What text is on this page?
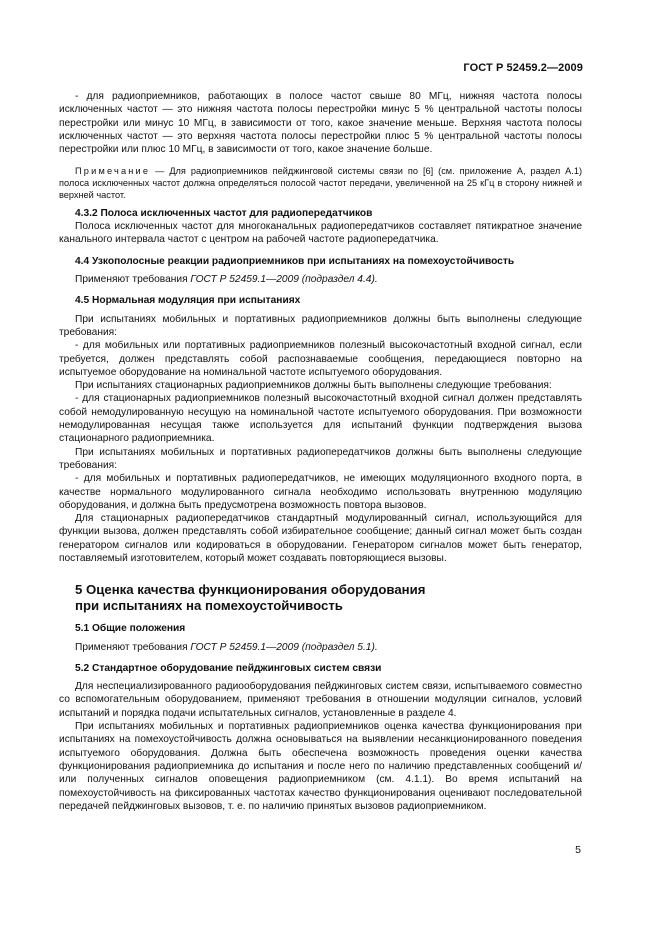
ГОСТ Р 52459.2—2009

- для радиоприемников, работающих в полосе частот свыше 80 МГц, нижняя частота полосы исключенных частот — это нижняя частота полосы перестройки минус 5 % центральной частоты полосы перестройки или минус 10 МГц, в зависимости от того, какое значение меньше. Верхняя частота полосы исключенных частот — это верхняя частота полосы перестройки плюс 5 % центральной частоты полосы перестройки или плюс 10 МГц, в зависимости от того, какое значение больше.

Примечание — Для радиоприемников пейджинговой системы связи по [6] (см. приложение А, раздел А.1) полоса исключенных частот должна определяться полосой частот передачи, увеличенной на 25 кГц в сторону нижней и верхней частот.

4.3.2 Полоса исключенных частот для радиопередатчиков

Полоса исключенных частот для многоканальных радиопередатчиков составляет пятикратное значение канального интервала частот с центром на рабочей частоте радиопередатчика.

4.4 Узкополосные реакции радиоприемников при испытаниях на помехоустойчивость

Применяют требования ГОСТ Р 52459.1—2009 (подраздел 4.4).

4.5 Нормальная модуляция при испытаниях

При испытаниях мобильных и портативных радиоприемников должны быть выполнены следующие требования:

- для мобильных или портативных радиоприемников полезный высокочастотный входной сигнал, если требуется, должен представлять собой распознаваемые сообщения, передающиеся повторно на испытуемое оборудование на номинальной частоте испытуемого оборудования.

При испытаниях стационарных радиоприемников должны быть выполнены следующие требования:

- для стационарных радиоприемников полезный высокочастотный входной сигнал должен представлять собой немодулированную несущую на номинальной частоте испытуемого оборудования. При возможности немодулированная несущая также используется для испытаний функции подтверждения вызова стационарного радиоприемника.

При испытаниях мобильных и портативных радиопередатчиков должны быть выполнены следующие требования:

- для мобильных и портативных радиопередатчиков, не имеющих модуляционного входного порта, в качестве нормального модулированного сигнала необходимо использовать внутреннюю модуляцию оборудования, и должна быть предусмотрена возможность повтора вызовов.

Для стационарных радиопередатчиков стандартный модулированный сигнал, использующийся для функции вызова, должен представлять собой избирательное сообщение; данный сигнал может быть создан генератором сигналов или кодироваться в оборудовании. Генератором сигналов может быть генератор, поставляемый изготовителем, который может создавать повторяющиеся вызовы.

5 Оценка качества функционирования оборудования
при испытаниях на помехоустойчивость

5.1 Общие положения

Применяют требования ГОСТ Р 52459.1—2009 (подраздел 5.1).

5.2 Стандартное оборудование пейджинговых систем связи

Для неспециализированного радиооборудования пейджинговых систем связи, испытываемого совместно со вспомогательным оборудованием, применяют требования в отношении модуляции сигналов, условий испытаний и порядка подачи испытательных сигналов, установленные в разделе 4.

При испытаниях мобильных и портативных радиоприемников оценка качества функционирования при испытаниях на помехоустойчивость должна основываться на выявлении несанкционированного поведения испытуемого оборудования. Должна быть обеспечена возможность проведения оценки качества функционирования радиоприемника до испытания и после него по наличию представленных сообщений и/или полученных сигналов оповещения радиоприемником (см. 4.1.1). Во время испытаний на помехоустойчивость на фиксированных частотах качество функционирования оценивают последовательной передачей пейджинговых вызовов, т. е. по наличию принятых вызовов радиоприемником.

5
